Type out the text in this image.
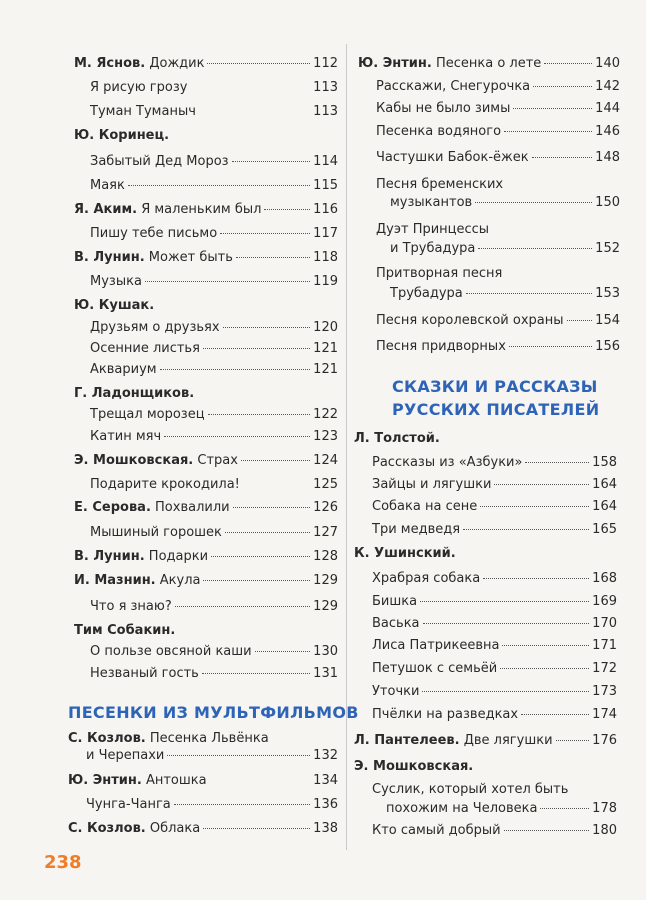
М. Яснов. Дождик	112
Я рисую грозу	113
Туман Туманыч	113
Ю. Коринец.
Забытый Дед Мороз	114
Маяк	115
Я. Аким. Я маленьким был	116
Пишу тебе письмо	117
В. Лунин. Может быть	118
Музыка	119
Ю. Кушак.
Друзьям о друзьях	120
Осенние листья	121
Аквариум	121
Г. Ладонщиков.
Трещал морозец	122
Катин мяч	123
Э. Мошковская. Страх	124
Подарите крокодила!	125
Е. Серова. Похвалили	126
Мышиный горошек	127
В. Лунин. Подарки	128
И. Мазнин. Акула	129
Что я знаю?	129
Тим Собакин.
О пользе овсяной каши	130
Незваный гость	131
ПЕСЕНКИ ИЗ МУЛЬТФИЛЬМОВ
С. Козлов. Песенка Львёнка
и Черепахи	132
Ю. Энтин. Антошка	134
Чунга-Чанга	136
С. Козлов. Облака	138
Ю. Энтин. Песенка о лете	140
Расскажи, Снегурочка	142
Кабы не было зимы	144
Песенка водяного	146
Частушки Бабок-ёжек	148
Песня бременских
музыкантов	150
Дуэт Принцессы
и Трубадура	152
Притворная песня
Трубадура	153
Песня королевской охраны 154
Песня придворных	156
СКАЗКИ И РАССКАЗЫ
РУССКИХ ПИСАТЕЛЕЙ
Л. Толстой.
Рассказы из «Азбуки»	158
Зайцы и лягушки	164
Собака на сене	164
Три медведя	165
К. Ушинский.
Храбрая собака	168
Бишка	169
Васька	170
Лиса Патрикеевна	171
Петушок с семьёй	172
Уточки	173
Пчёлки на разведках	174
Л. Пантелеев. Две лягушки	176
Э. Мошковская.
Суслик, который хотел быть
похожим на Человека	178
Кто самый добрый	180
238
